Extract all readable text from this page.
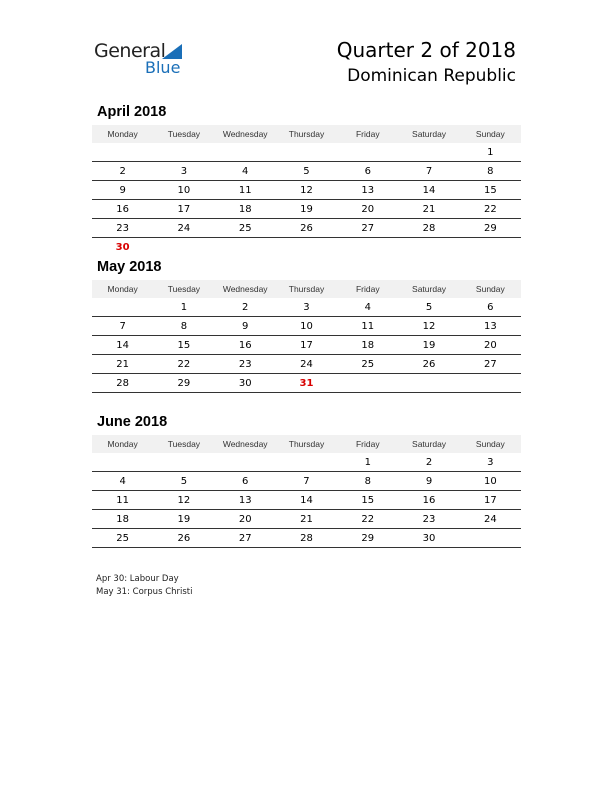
General
Blue
Quarter 2 of 2018
Dominican Republic
April 2018
Monday	Tuesday	Wednesday	Thursday	Friday	Saturday	Sunday
						1
2	3	4	5	6	7	8
9	10	11	12	13	14	15
16	17	18	19	20	21	22
23	24	25	26	27	28	29
30						
May 2018
Monday	Tuesday	Wednesday	Thursday	Friday	Saturday	Sunday
	1	2	3	4	5	6
7	8	9	10	11	12	13
14	15	16	17	18	19	20
21	22	23	24	25	26	27
28	29	30	31			
June 2018
Monday	Tuesday	Wednesday	Thursday	Friday	Saturday	Sunday
				1	2	3
4	5	6	7	8	9	10
11	12	13	14	15	16	17
18	19	20	21	22	23	24
25	26	27	28	29	30	
Apr 30: Labour Day
May 31: Corpus Christi
